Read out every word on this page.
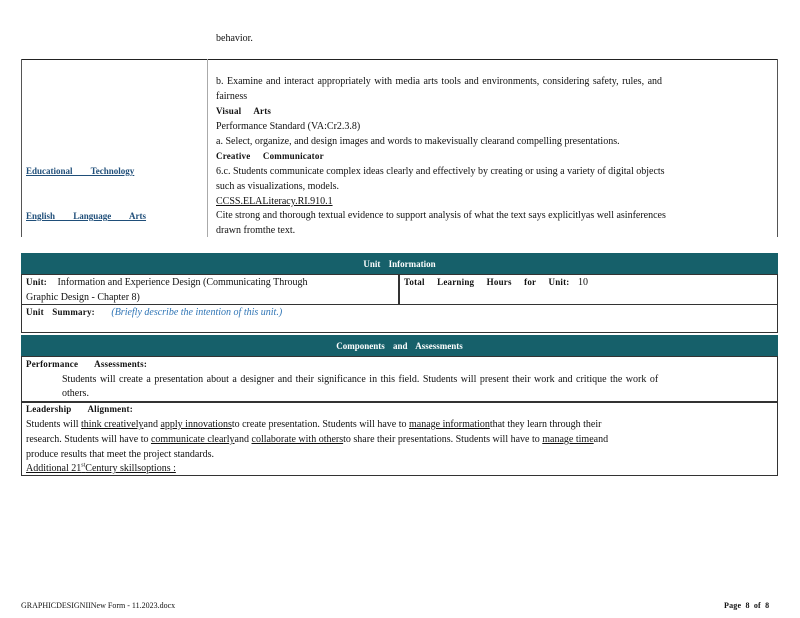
behavior.
b. Examine and interact appropriately with media arts tools and environments, considering safety, rules, and
fairness
Visual Arts
Performance Standard (VA:Cr2.3.8)
a. Select, organize, and design images and words to makevisually clearand compelling presentations.
Creative Communicator
6.c. Students communicate complex ideas clearly and effectively by creating or using a variety of digital objects
such as visualizations, models.
CCSS.ELALiteracy.RI.910.1
Cite strong and thorough textual evidence to support analysis of what the text says explicitlyas well asinferences
drawn fromthe text.
Educational Technology
English Language Arts
Unit Information
Unit: Information and Experience Design (Communicating Through
Graphic Design - Chapter 8)
Total Learning Hours for Unit: 10
Unit Summary: (Briefly describe the intention of this unit.)
Components and Assessments
Performance Assessments:
Students will create a presentation about a designer and their significance in this field. Students will present their work and critique the work of
others.
Leadership Alignment:
Students will think creativelyand apply innovationsto create presentation. Students will have to manage informationthat they learn through their
research. Students will have to communicate clearlyand collaborate with othersto share their presentations. Students will have to manage timeand
produce results that meet the project standards.
Additional 21stCentury skillsoptions :
GRAPHICDESIGNIINew Form - 11.2023.docx	Page 8 of 8
